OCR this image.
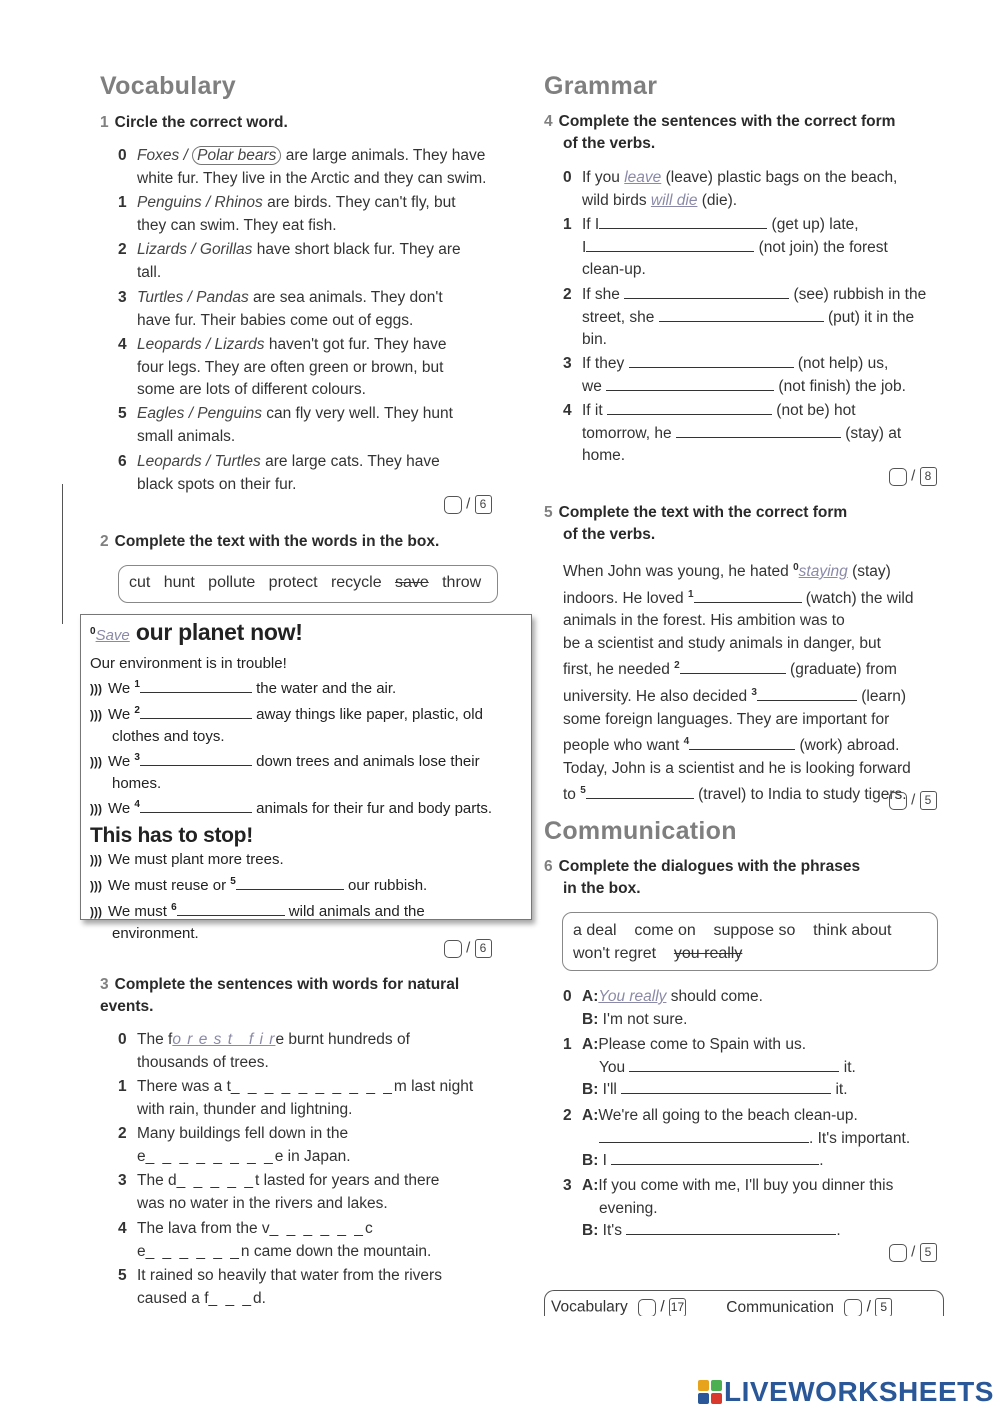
Vocabulary
1 Circle the correct word.
0 Foxes / Polar bears are large animals. They have
white fur. They live in the Arctic and they can swim.
1 Penguins / Rhinos are birds. They can't fly, but
they can swim. They eat fish.
2 Lizards / Gorillas have short black fur. They are
tall.
3 Turtles / Pandas are sea animals. They don't
have fur. Their babies come out of eggs.
4 Leopards / Lizards haven't got fur. They have
four legs. They are often green or brown, but
some are lots of different colours.
5 Eagles / Penguins can fly very well. They hunt
small animals.
6 Leopards / Turtles are large cats. They have
black spots on their fur.
/ 6
2 Complete the text with the words in the box.
cut hunt pollute protect recycle save throw
$^0$Save our planet now!
Our environment is in trouble!
))) We $^1$	the water and the air.
))) We $^2$	away things like paper, plastic, old
clothes and toys.
))) We $^3$	down trees and animals lose their
homes.
))) We $^4$	animals for their fur and body parts.
This has to stop!
))) We must plant more trees.
))) We must reuse or $^5$	our rubbish.
))) We must $^6$	wild animals and the
environment.
/ 6
3 Complete the sentences with words for natural
events.
0 The fo r e s t   f i re burnt hundreds of
thousands of trees.
1 There was a t_ _ _ _ _ _ _ _ _ _m last night
with rain, thunder and lightning.
2 Many buildings fell down in the
e_ _ _ _ _ _ _ _e in Japan.
3 The d_ _ _ _ _t lasted for years and there
was no water in the rivers and lakes.
4 The lava from the v_ _ _ _ _ _c
e_ _ _ _ _ _n came down the mountain.
5 It rained so heavily that water from the rivers
caused a f_ _ _d.
Grammar
4 Complete the sentences with the correct form
of the verbs.
0 If you leave (leave) plastic bags on the beach,
wild birds will die (die).
1 If I	(get up) late,
I	(not join) the forest
clean-up.
2 If she	(see) rubbish in the
street, she	(put) it in the
bin.
3 If they	(not help) us,
we	(not finish) the job.
4 If it	(not be) hot
tomorrow, he	(stay) at
home.
/ 8
5 Complete the text with the correct form
of the verbs.
When John was young, he hated $^0$staying (stay)
indoors. He loved $^1$	(watch) the wild
animals in the forest. His ambition was to
be a scientist and study animals in danger, but
first, he needed $^2$	(graduate) from
university. He also decided $^3$	(learn)
some foreign languages. They are important for
people who want $^4$	(work) abroad.
Today, John is a scientist and he is looking forward
to $^5$	(travel) to India to study tigers. / 5
Communication
6 Complete the dialogues with the phrases
in the box.
a deal come on suppose so think about
won't regret you really
0 A:You really should come.
B: I'm not sure.
1 A:Please come to Spain with us.
You	it.
B: I'll	it.
2 A:We're all going to the beach clean-up.
. It's important.
B: I	.
3 A:If you come with me, I'll buy you dinner this
evening.
B: It's	.
/ 5
Vocabulary / 17	Communication / 5
LIVEWORKSHEETS
